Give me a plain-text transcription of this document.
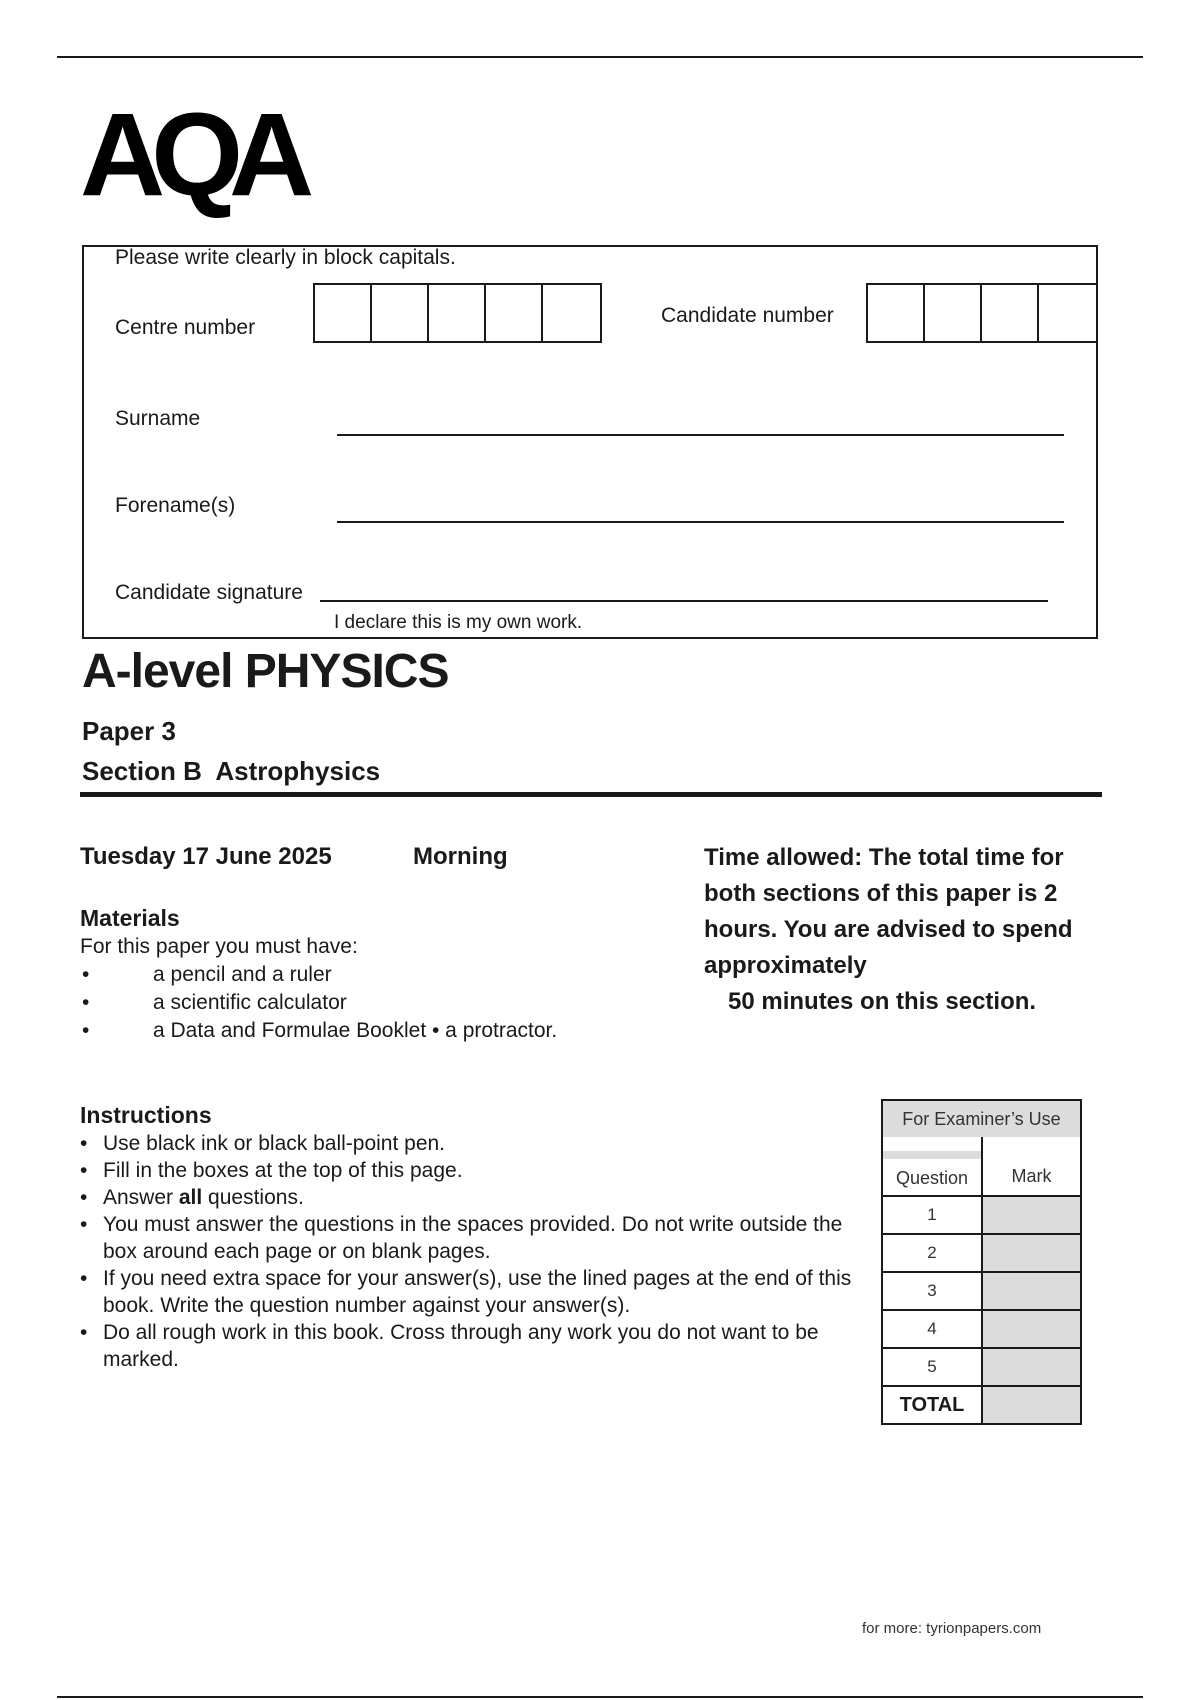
AQA
Please write clearly in block capitals.
Centre number
Candidate number
Surname
Forename(s)
Candidate signature
I declare this is my own work.
A-level PHYSICS
Paper 3
Section B  Astrophysics
Tuesday 17 June 2025	Morning	Time allowed: The total time for both sections of this paper is 2 hours. You are advised to spend approximately
50 minutes on this section.
Materials
For this paper you must have:
•	a pencil and a ruler
•	a scientific calculator
•	a Data and Formulae Booklet • a protractor.
Instructions
• Use black ink or black ball-point pen.
• Fill in the boxes at the top of this page.
• Answer all questions.
• You must answer the questions in the spaces provided. Do not write outside the box around each page or on blank pages.
• If you need extra space for your answer(s), use the lined pages at the end of this book. Write the question number against your answer(s).
• Do all rough work in this book. Cross through any work you do not want to be marked.
For Examiner’s Use
Question	Mark
1
2
3
4
5
TOTAL
for more: tyrionpapers.com
